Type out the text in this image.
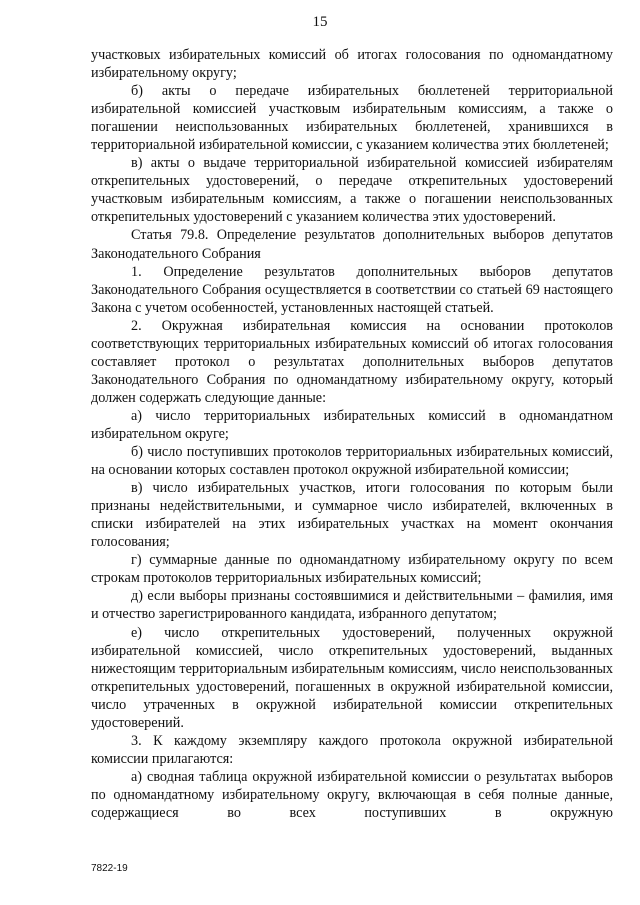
15

участковых избирательных комиссий об итогах голосования по одномандатному избирательному округу;

б) акты о передаче избирательных бюллетеней территориальной избирательной комиссией участковым избирательным комиссиям, а также о погашении неиспользованных избирательных бюллетеней, хранившихся в территориальной избирательной комиссии, с указанием количества этих бюллетеней;

в) акты о выдаче территориальной избирательной комиссией избирателям открепительных удостоверений, о передаче открепительных удостоверений участковым избирательным комиссиям, а также о погашении неиспользованных открепительных удостоверений с указанием количества этих удостоверений.

Статья 79.8. Определение результатов дополнительных выборов депутатов Законодательного Собрания

1. Определение результатов дополнительных выборов депутатов Законодательного Собрания осуществляется в соответствии со статьей 69 настоящего Закона с учетом особенностей, установленных настоящей статьей.

2. Окружная избирательная комиссия на основании протоколов соответствующих территориальных избирательных комиссий об итогах голосования составляет протокол о результатах дополнительных выборов депутатов Законодательного Собрания по одномандатному избирательному округу, который должен содержать следующие данные:

а) число территориальных избирательных комиссий в одномандатном избирательном округе;

б) число поступивших протоколов территориальных избирательных комиссий, на основании которых составлен протокол окружной избирательной комиссии;

в) число избирательных участков, итоги голосования по которым были признаны недействительными, и суммарное число избирателей, включенных в списки избирателей на этих избирательных участках на момент окончания голосования;

г) суммарные данные по одномандатному избирательному округу по всем строкам протоколов территориальных избирательных комиссий;

д) если выборы признаны состоявшимися и действительными – фамилия, имя и отчество зарегистрированного кандидата, избранного депутатом;

е) число открепительных удостоверений, полученных окружной избирательной комиссией, число открепительных удостоверений, выданных нижестоящим территориальным избирательным комиссиям, число неиспользованных открепительных удостоверений, погашенных в окружной избирательной комиссии, число утраченных в окружной избирательной комиссии открепительных удостоверений.

3. К каждому экземпляру каждого протокола окружной избирательной комиссии прилагаются:

а) сводная таблица окружной избирательной комиссии о результатах выборов по одномандатному избирательному округу, включающая в себя полные данные, содержащиеся во всех поступивших в окружную

7822-19
